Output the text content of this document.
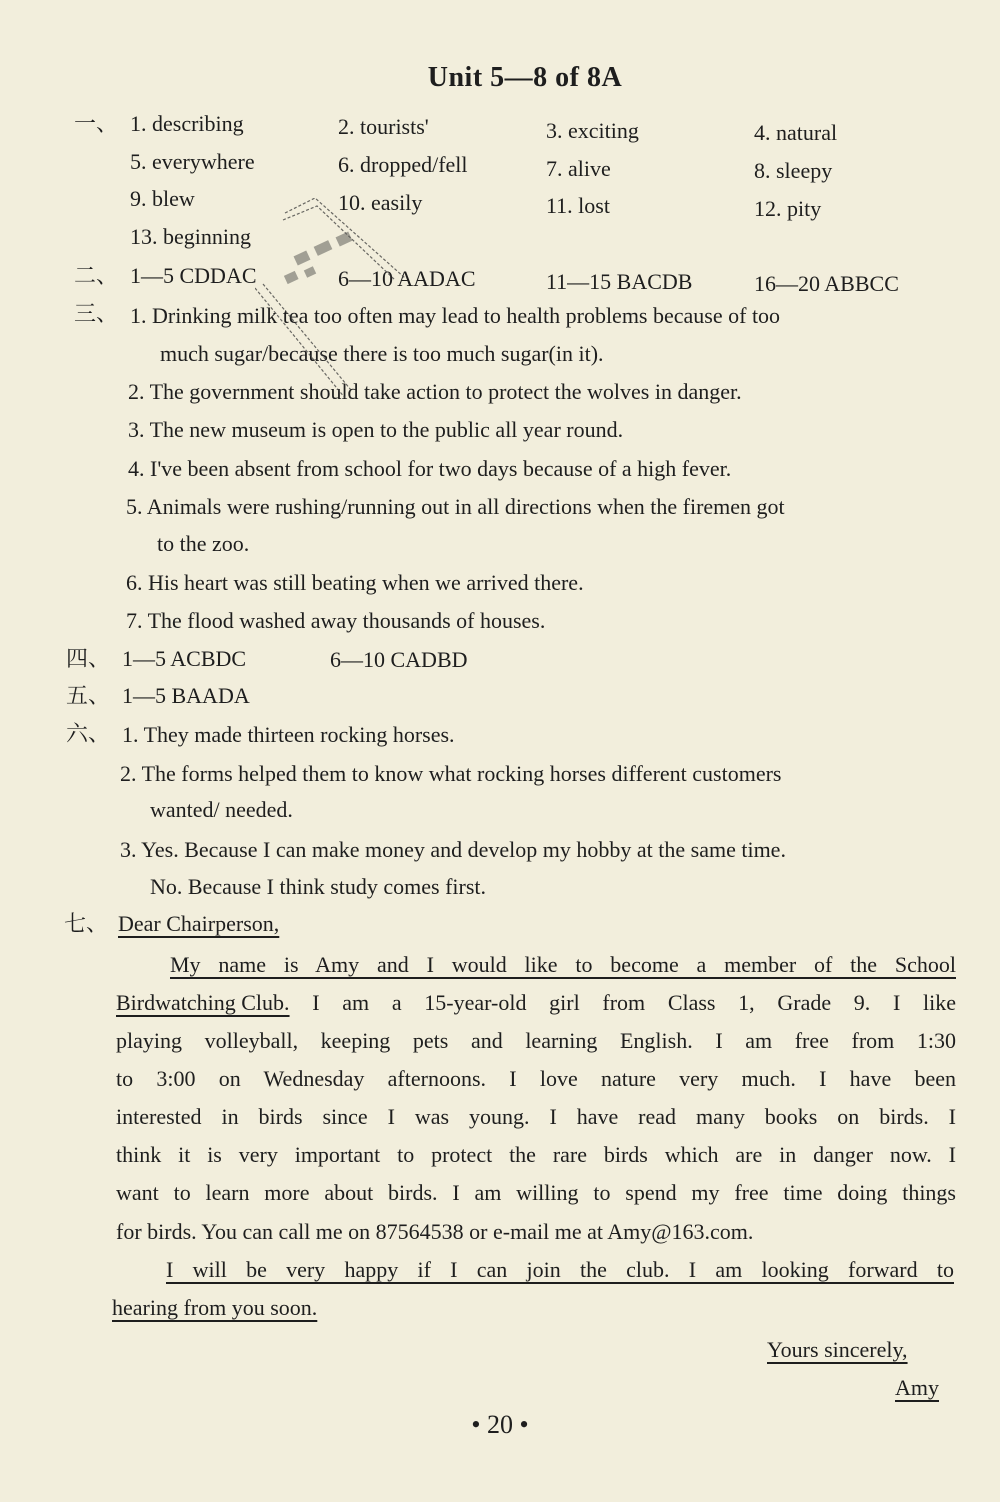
Unit 5—8 of 8A
一、 1. describing	2. tourists'	3. exciting	4. natural
5. everywhere	6. dropped/fell	7. alive	8. sleepy
9. blew	10. easily	11. lost	12. pity
13. beginning
二、 1—5 CDDAC	6—10 AADAC	11—15 BACDB	16—20 ABBCC
三、 1. Drinking milk tea too often may lead to health problems because of too
much sugar/because there is too much sugar(in it).
2. The government should take action to protect the wolves in danger.
3. The new museum is open to the public all year round.
4. I've been absent from school for two days because of a high fever.
5. Animals were rushing/running out in all directions when the firemen got
to the zoo.
6. His heart was still beating when we arrived there.
7. The flood washed away thousands of houses.
四、 1—5 ACBDC	6—10 CADBD
五、 1—5 BAADA
六、 1. They made thirteen rocking horses.
2. The forms helped them to know what rocking horses different customers
wanted/ needed.
3. Yes. Because I can make money and develop my hobby at the same time.
No. Because I think study comes first.
七、 Dear Chairperson,
My name is Amy and I would like to become a member of the School
Birdwatching Club. I am a 15-year-old girl from Class 1, Grade 9. I like
playing volleyball, keeping pets and learning English. I am free from 1:30
to 3:00 on Wednesday afternoons. I love nature very much. I have been
interested in birds since I was young. I have read many books on birds. I
think it is very important to protect the rare birds which are in danger now. I
want to learn more about birds. I am willing to spend my free time doing things
for birds. You can call me on 87564538 or e-mail me at Amy@163.com.
I will be very happy if I can join the club. I am looking forward to
hearing from you soon.
Yours sincerely,
Amy
• 20 •
